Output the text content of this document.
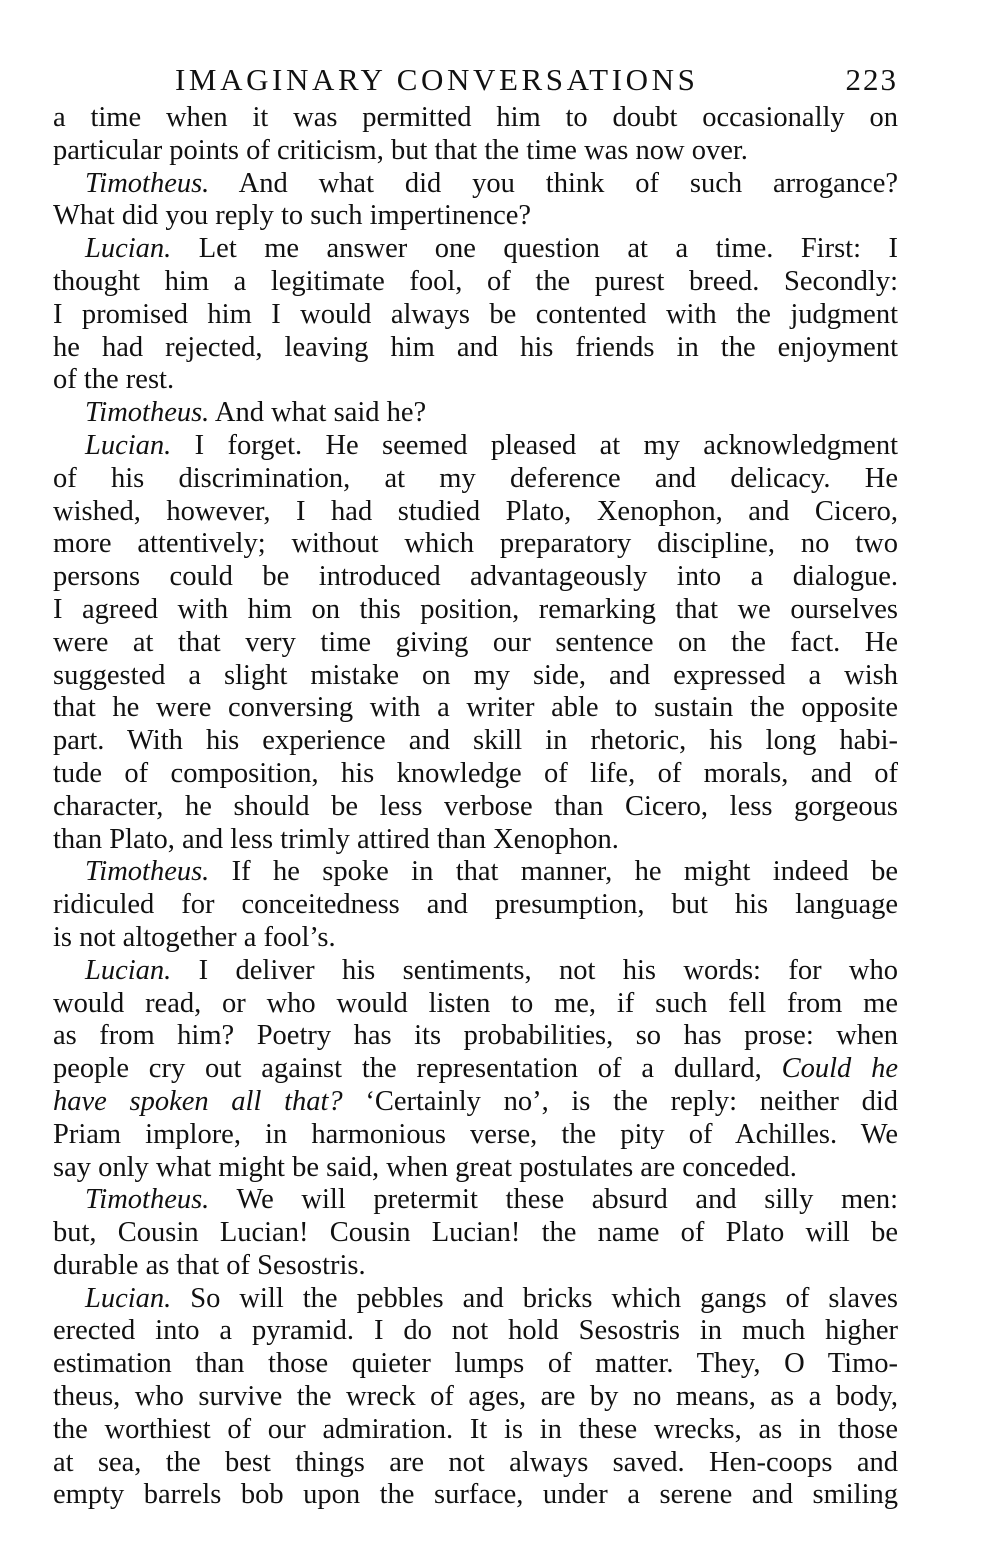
IMAGINARY CONVERSATIONS	223
a time when it was permitted him to doubt occasionally on
particular points of criticism, but that the time was now over.
Timotheus. And what did you think of such arrogance?
What did you reply to such impertinence?
Lucian. Let me answer one question at a time. First: I
thought him a legitimate fool, of the purest breed. Secondly:
I promised him I would always be contented with the judgment
he had rejected, leaving him and his friends in the enjoyment
of the rest.
Timotheus. And what said he?
Lucian. I forget. He seemed pleased at my acknowledgment
of his discrimination, at my deference and delicacy. He
wished, however, I had studied Plato, Xenophon, and Cicero,
more attentively; without which preparatory discipline, no two
persons could be introduced advantageously into a dialogue.
I agreed with him on this position, remarking that we ourselves
were at that very time giving our sentence on the fact. He
suggested a slight mistake on my side, and expressed a wish
that he were conversing with a writer able to sustain the opposite
part. With his experience and skill in rhetoric, his long habi-
tude of composition, his knowledge of life, of morals, and of
character, he should be less verbose than Cicero, less gorgeous
than Plato, and less trimly attired than Xenophon.
Timotheus. If he spoke in that manner, he might indeed be
ridiculed for conceitedness and presumption, but his language
is not altogether a fool’s.
Lucian. I deliver his sentiments, not his words: for who
would read, or who would listen to me, if such fell from me
as from him? Poetry has its probabilities, so has prose: when
people cry out against the representation of a dullard, Could he
have spoken all that? ‘Certainly no’, is the reply: neither did
Priam implore, in harmonious verse, the pity of Achilles. We
say only what might be said, when great postulates are conceded.
Timotheus. We will pretermit these absurd and silly men:
but, Cousin Lucian! Cousin Lucian! the name of Plato will be
durable as that of Sesostris.
Lucian. So will the pebbles and bricks which gangs of slaves
erected into a pyramid. I do not hold Sesostris in much higher
estimation than those quieter lumps of matter. They, O Timo-
theus, who survive the wreck of ages, are by no means, as a body,
the worthiest of our admiration. It is in these wrecks, as in those
at sea, the best things are not always saved. Hen-coops and
empty barrels bob upon the surface, under a serene and smiling
